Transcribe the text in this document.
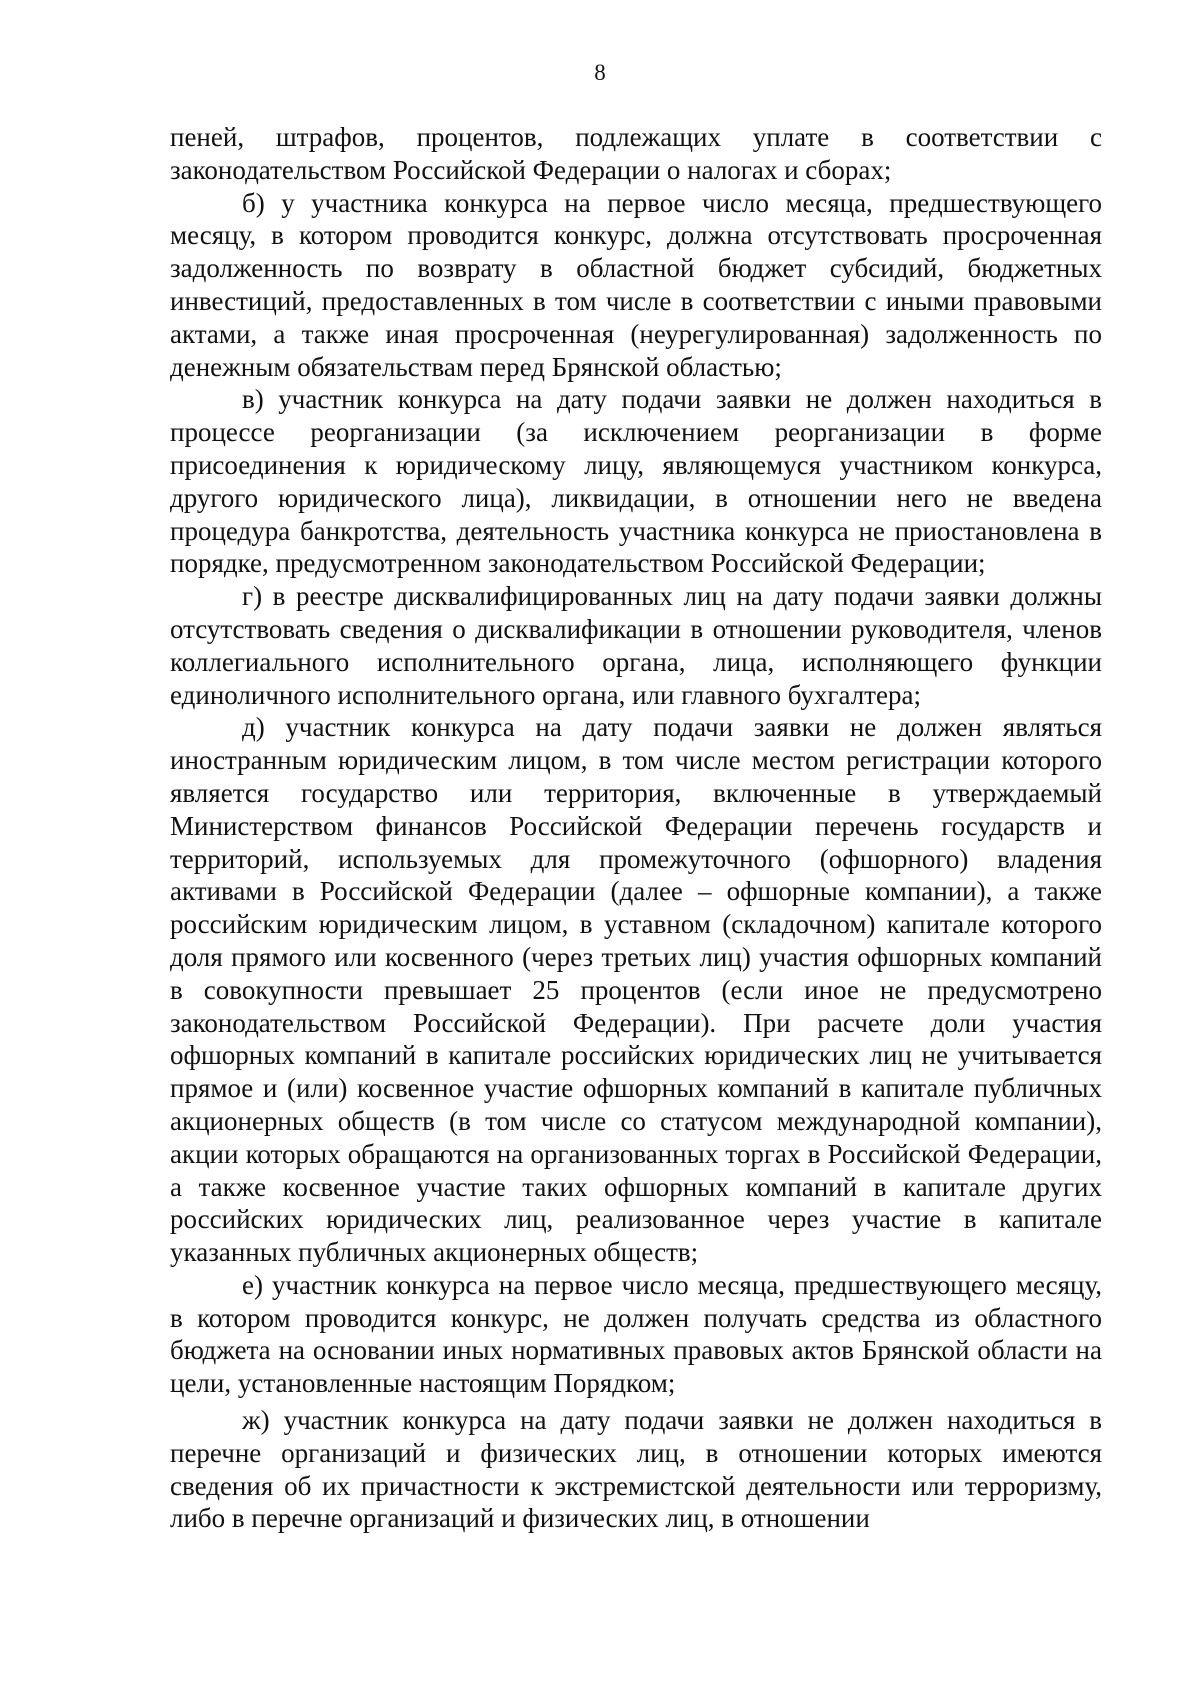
8

пеней, штрафов, процентов, подлежащих уплате в соответствии с законодательством Российской Федерации о налогах и сборах;

б) у участника конкурса на первое число месяца, предшествующего месяцу, в котором проводится конкурс, должна отсутствовать просроченная задолженность по возврату в областной бюджет субсидий, бюджетных инвестиций, предоставленных в том числе в соответствии с иными правовыми актами, а также иная просроченная (неурегулированная) задолженность по денежным обязательствам перед Брянской областью;

в) участник конкурса на дату подачи заявки не должен находиться в процессе реорганизации (за исключением реорганизации в форме присоединения к юридическому лицу, являющемуся участником конкурса, другого юридического лица), ликвидации, в отношении него не введена процедура банкротства, деятельность участника конкурса не приостановлена в порядке, предусмотренном законодательством Российской Федерации;

г) в реестре дисквалифицированных лиц на дату подачи заявки должны отсутствовать сведения о дисквалификации в отношении руководителя, членов коллегиального исполнительного органа, лица, исполняющего функции единоличного исполнительного органа, или главного бухгалтера;

д) участник конкурса на дату подачи заявки не должен являться иностранным юридическим лицом, в том числе местом регистрации которого является государство или территория, включенные в утверждаемый Министерством финансов Российской Федерации перечень государств и территорий, используемых для промежуточного (офшорного) владения активами в Российской Федерации (далее – офшорные компании), а также российским юридическим лицом, в уставном (складочном) капитале которого доля прямого или косвенного (через третьих лиц) участия офшорных компаний в совокупности превышает 25 процентов (если иное не предусмотрено законодательством Российской Федерации). При расчете доли участия офшорных компаний в капитале российских юридических лиц не учитывается прямое и (или) косвенное участие офшорных компаний в капитале публичных акционерных обществ (в том числе со статусом международной компании), акции которых обращаются на организованных торгах в Российской Федерации, а также косвенное участие таких офшорных компаний в капитале других российских юридических лиц, реализованное через участие в капитале указанных публичных акционерных обществ;

е) участник конкурса на первое число месяца, предшествующего месяцу, в котором проводится конкурс, не должен получать средства из областного бюджета на основании иных нормативных правовых актов Брянской области на цели, установленные настоящим Порядком;

ж) участник конкурса на дату подачи заявки не должен находиться в перечне организаций и физических лиц, в отношении которых имеются сведения об их причастности к экстремистской деятельности или терроризму, либо в перечне организаций и физических лиц, в отношении
